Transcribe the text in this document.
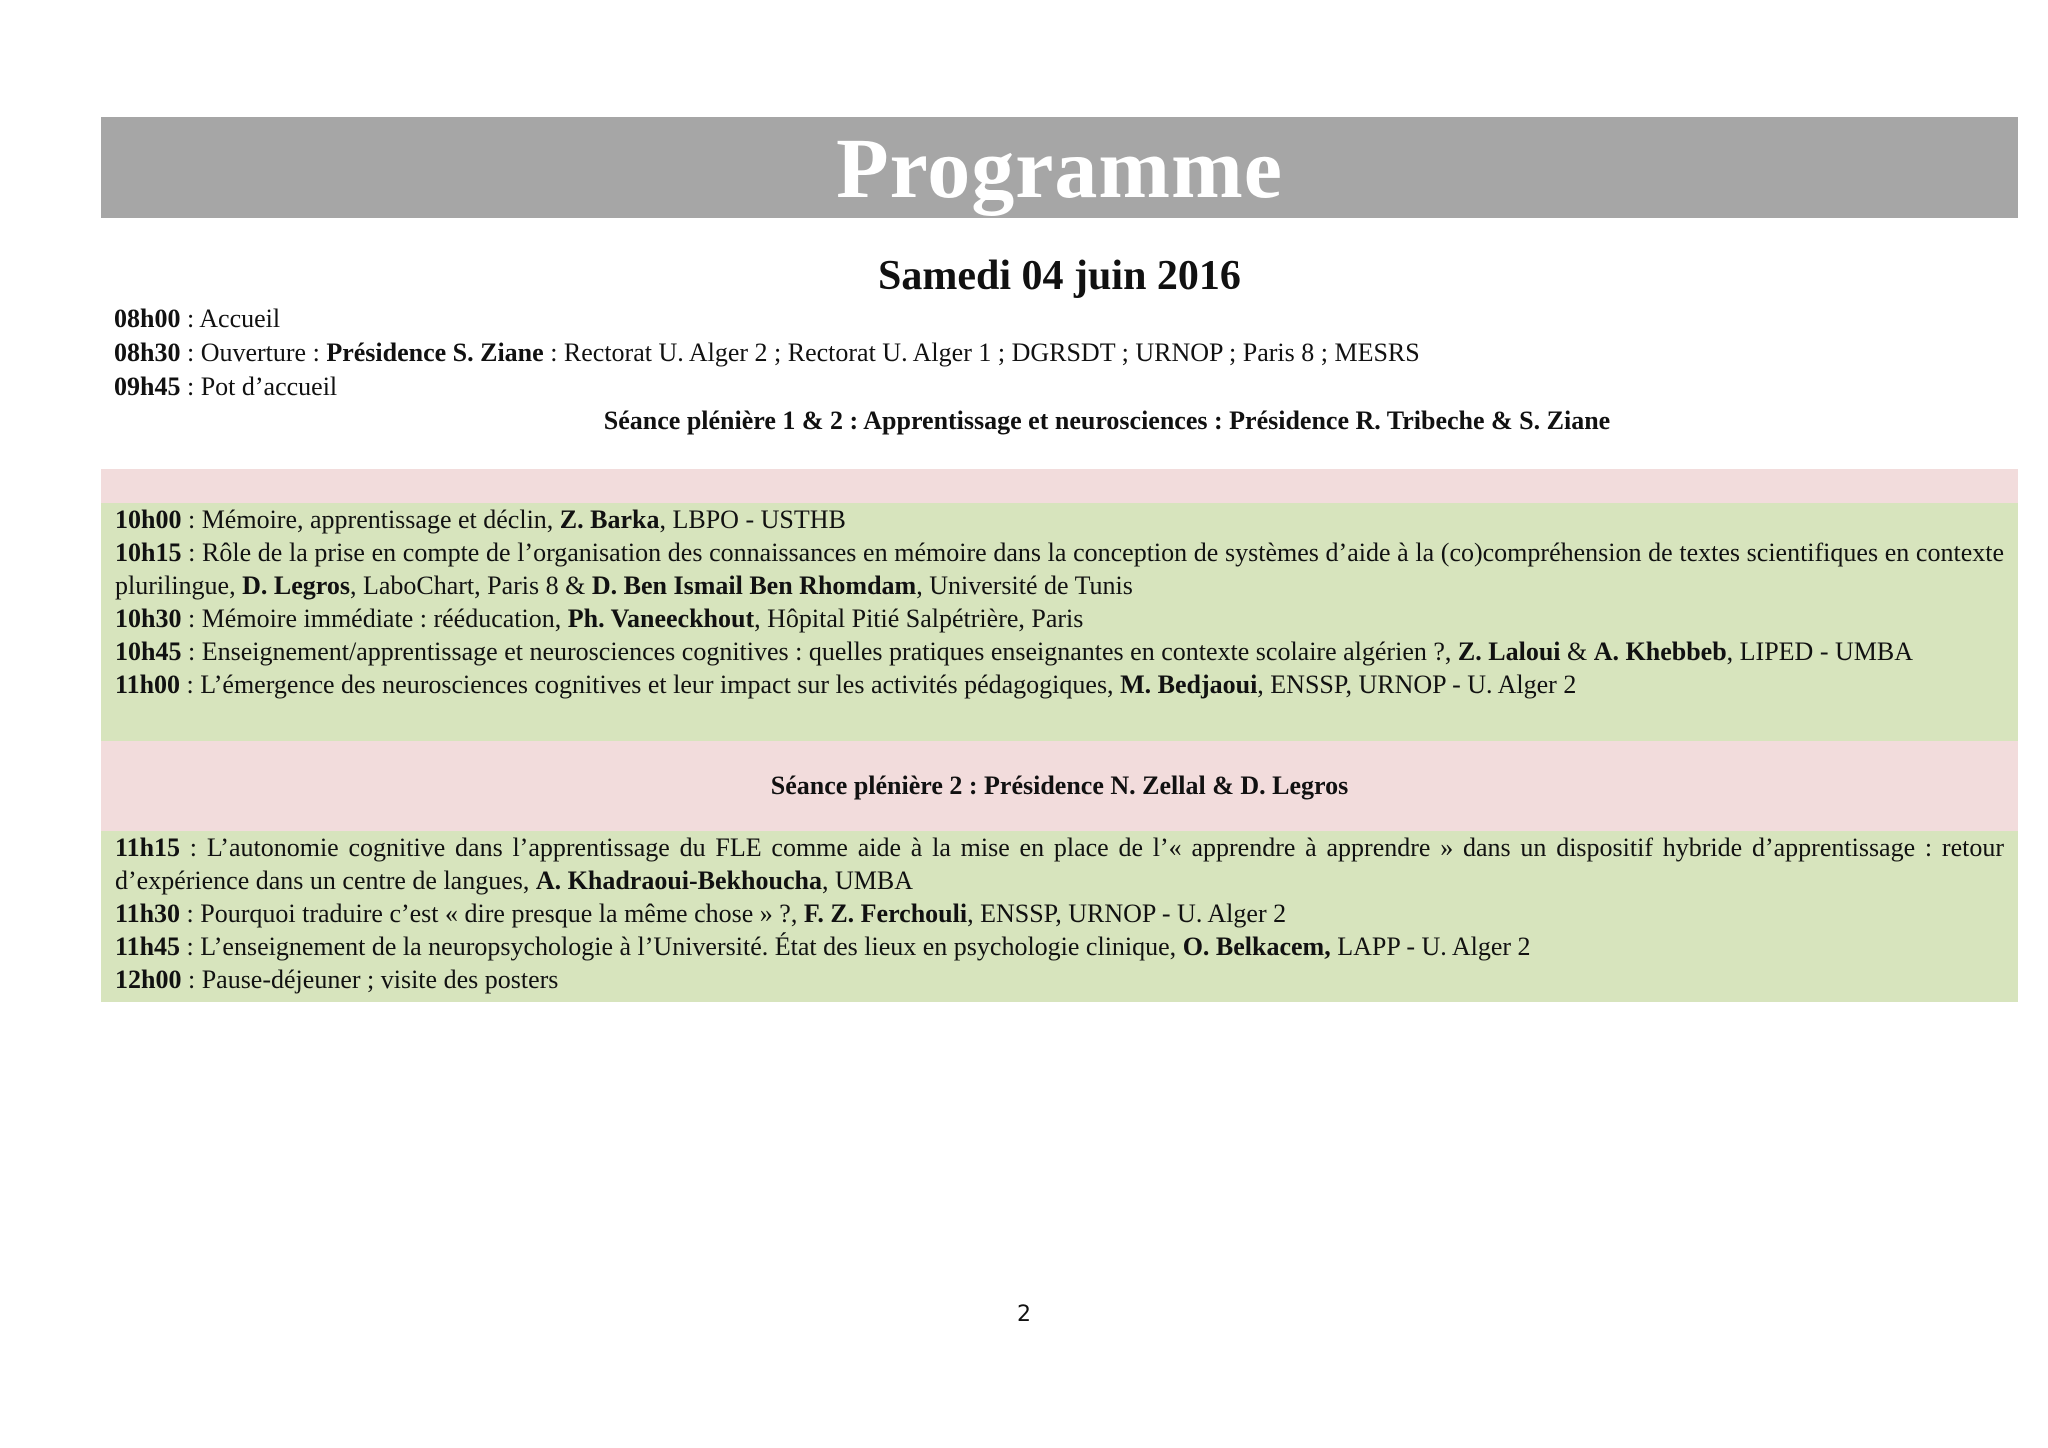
Programme

Samedi 04 juin 2016

08h00 : Accueil
08h30 : Ouverture : Présidence S. Ziane : Rectorat U. Alger 2 ; Rectorat U. Alger 1 ; DGRSDT ; URNOP ; Paris 8 ; MESRS
09h45 : Pot d’accueil
Séance plénière 1 & 2 : Apprentissage et neurosciences : Présidence R. Tribeche & S. Ziane
10h00 : Mémoire, apprentissage et déclin, Z. Barka, LBPO - USTHB
10h15 : Rôle de la prise en compte de l’organisation des connaissances en mémoire dans la conception de systèmes d’aide à la (co)compréhension de textes scientifiques en contexte plurilingue, D. Legros, LaboChart, Paris 8 & D. Ben Ismail Ben Rhomdam, Université de Tunis
10h30 : Mémoire immédiate : rééducation, Ph. Vaneeckhout, Hôpital Pitié Salpétrière, Paris
10h45 : Enseignement/apprentissage et neurosciences cognitives : quelles pratiques enseignantes en contexte scolaire algérien ?, Z. Laloui & A. Khebbeb, LIPED - UMBA
11h00 : L’émergence des neurosciences cognitives et leur impact sur les activités pédagogiques, M. Bedjaoui, ENSSP, URNOP - U. Alger 2
Séance plénière 2 : Présidence N. Zellal & D. Legros
11h15 : L’autonomie cognitive dans l’apprentissage du FLE comme aide à la mise en place de l’« apprendre à apprendre » dans un dispositif hybride d’apprentissage : retour d’expérience dans un centre de langues, A. Khadraoui-Bekhoucha, UMBA
11h30 : Pourquoi traduire c’est « dire presque la même chose » ?, F. Z. Ferchouli, ENSSP, URNOP - U. Alger 2
11h45 : L’enseignement de la neuropsychologie à l’Université. État des lieux en psychologie clinique, O. Belkacem, LAPP - U. Alger 2
12h00 : Pause-déjeuner ; visite des posters
2
